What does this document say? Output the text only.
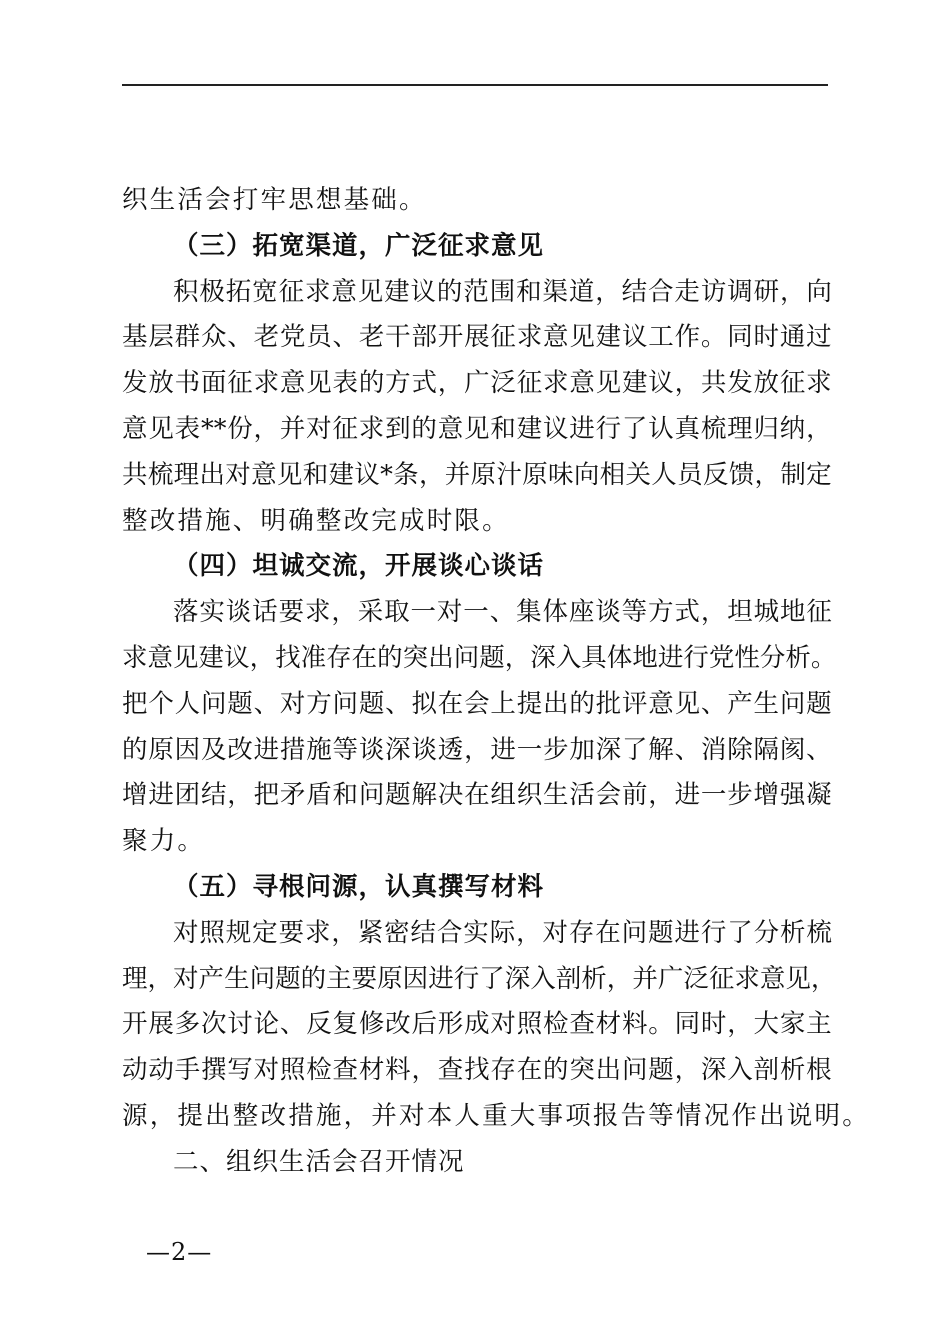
织生活会打牢思想基础。
（三）拓宽渠道，广泛征求意见
积 极 拓 宽 征 求 意 见 建 议 的 范 围 和 渠 道 ， 结 合 走 访 调 研 ， 向
基 层 群 众 、 老 党 员 、 老 干 部 开 展 征 求 意 见 建 议 工 作 。 同 时 通 过
发 放 书 面 征 求 意 见 表 的 方 式 ， 广 泛 征 求 意 见 建 议 ， 共 发 放 征 求
意 见 表 ** 份 ， 并 对 征 求 到 的 意 见 和 建 议 进 行 了 认 真 梳 理 归 纳 ，
共 梳 理 出 对 意 见 和 建 议 * 条 ， 并 原 汁 原 味 向 相 关 人 员 反 馈 ， 制 定
整改措施、明确整改完成时限。
（四）坦诚交流，开展谈心谈话
落 实 谈 话 要 求 ， 采 取 一 对 一 、 集 体 座 谈 等 方 式 ， 坦 城 地 征
求 意 见 建 议 ， 找 准 存 在 的 突 出 问 题 ， 深 入 具 体 地 进 行 党 性 分 析 。
把 个 人 问 题 、 对 方 问 题 、 拟 在 会 上 提 出 的 批 评 意 见 、 产 生 问 题
的 原 因 及 改 进 措 施 等 谈 深 谈 透 ， 进 一 步 加 深 了 解 、 消 除 隔 阂 、
增 进 团 结 ， 把 矛 盾 和 问 题 解 决 在 组 织 生 活 会 前 ， 进 一 步 增 强 凝
聚力。
（五）寻根问源，认真撰写材料
对 照 规 定 要 求 ， 紧 密 结 合 实 际 ， 对 存 在 问 题 进 行 了 分 析 梳
理 ， 对 产 生 问 题 的 主 要 原 因 进 行 了 深 入 剖 析 ， 并 广 泛 征 求 意 见 ，
开 展 多 次 讨 论 、 反 复 修 改 后 形 成 对 照 检 查 材 料 。 同 时 ， 大 家 主
动 动 手 撰 写 对 照 检 查 材 料 ， 查 找 存 在 的 突 出 问 题 ， 深 入 剖 析 根
源，提出整改措施，并对本人重大事项报告等情况作出说明。
二、组织生活会召开情况
—2—
